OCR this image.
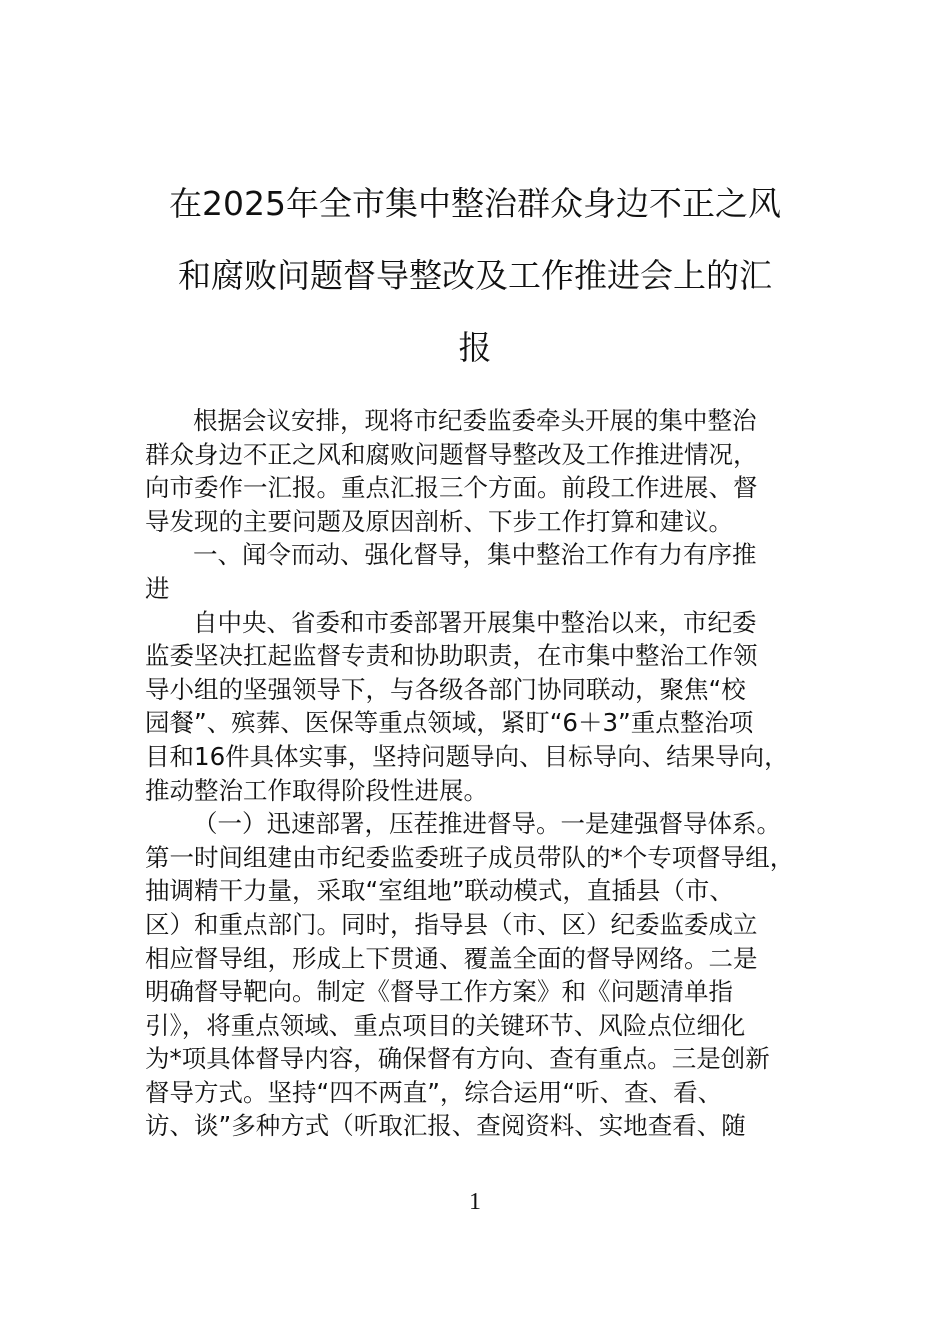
在2025年全市集中整治群众身边不正之风
和腐败问题督导整改及工作推进会上的汇
报
根据会议安排，现将市纪委监委牵头开展的集中整治
群众身边不正之风和腐败问题督导整改及工作推进情况，
向市委作一汇报。重点汇报三个方面。前段工作进展、督
导发现的主要问题及原因剖析、下步工作打算和建议。
一、闻令而动、强化督导，集中整治工作有力有序推
进
自中央、省委和市委部署开展集中整治以来，市纪委
监委坚决扛起监督专责和协助职责，在市集中整治工作领
导小组的坚强领导下，与各级各部门协同联动，聚焦“校
园餐”、殡葬、医保等重点领域，紧盯“6＋3”重点整治项
目和16件具体实事，坚持问题导向、目标导向、结果导向，
推动整治工作取得阶段性进展。
（一）迅速部署，压茬推进督导。一是建强督导体系。
第一时间组建由市纪委监委班子成员带队的*个专项督导组，
抽调精干力量，采取“室组地”联动模式，直插县（市、
区）和重点部门。同时，指导县（市、区）纪委监委成立
相应督导组，形成上下贯通、覆盖全面的督导网络。二是
明确督导靶向。制定《督导工作方案》和《问题清单指
引》，将重点领域、重点项目的关键环节、风险点位细化
为*项具体督导内容，确保督有方向、查有重点。三是创新
督导方式。坚持“四不两直”，综合运用“听、查、看、
访、谈”多种方式（听取汇报、查阅资料、实地查看、随
1
